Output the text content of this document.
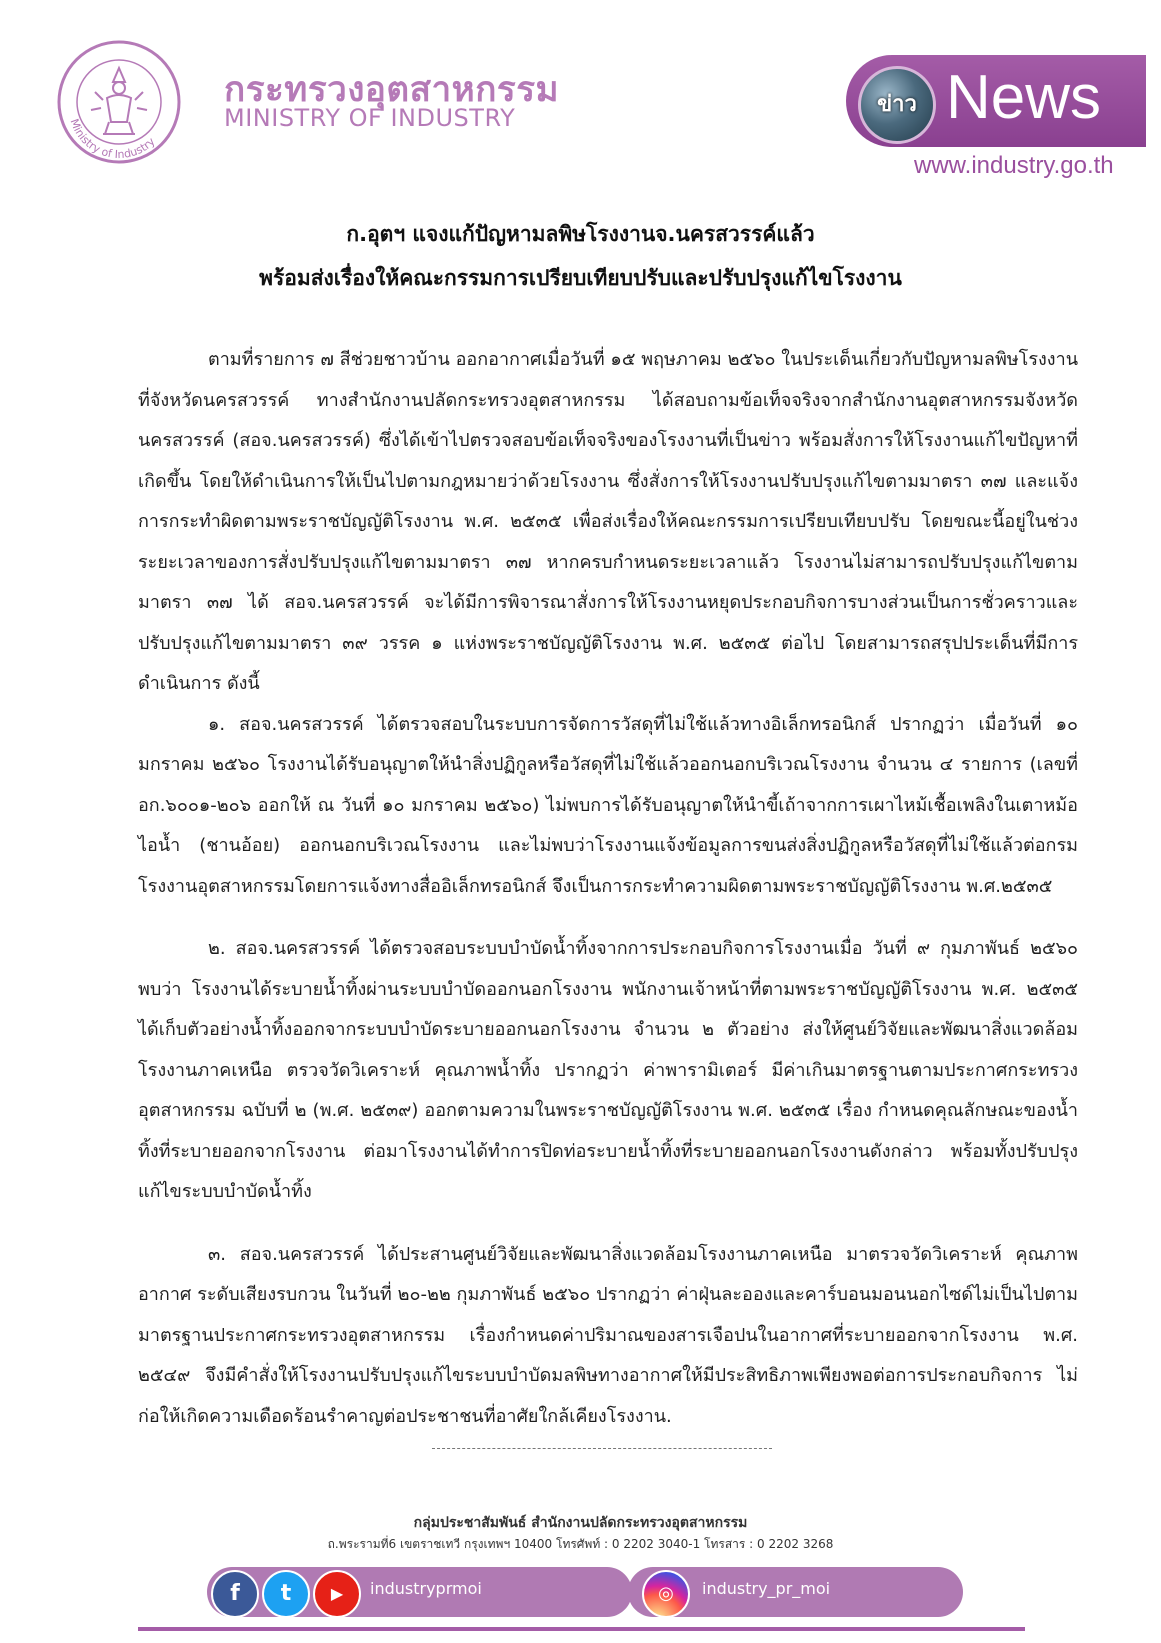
Ministry of Industry
กระทรวงอุตสาหกรรม
MINISTRY OF INDUSTRY	ข่าว News
www.industry.go.th
ก.อุตฯ แจงแก้ปัญหามลพิษโรงงานจ.นครสวรรค์แล้ว
พร้อมส่งเรื่องให้คณะกรรมการเปรียบเทียบปรับและปรับปรุงแก้ไขโรงงาน

ตามที่รายการ ๗ สีช่วยชาวบ้าน ออกอากาศเมื่อวันที่ ๑๕ พฤษภาคม ๒๕๖๐ ในประเด็นเกี่ยวกับปัญหามลพิษโรงงานที่จังหวัดนครสวรรค์ ทางสำนักงานปลัดกระทรวงอุตสาหกรรม ได้สอบถามข้อเท็จจริงจากสำนักงานอุตสาหกรรมจังหวัดนครสวรรค์ (สอจ.นครสวรรค์) ซึ่งได้เข้าไปตรวจสอบข้อเท็จจริงของโรงงานที่เป็นข่าว พร้อมสั่งการให้โรงงานแก้ไขปัญหาที่เกิดขึ้น โดยให้ดำเนินการให้เป็นไปตามกฎหมายว่าด้วยโรงงาน ซึ่งสั่งการให้โรงงานปรับปรุงแก้ไขตามมาตรา ๓๗ และแจ้งการกระทำผิดตามพระราชบัญญัติโรงงาน พ.ศ. ๒๕๓๕ เพื่อส่งเรื่องให้คณะกรรมการเปรียบเทียบปรับ โดยขณะนี้อยู่ในช่วงระยะเวลาของการสั่งปรับปรุงแก้ไขตามมาตรา ๓๗ หากครบกำหนดระยะเวลาแล้ว โรงงานไม่สามารถปรับปรุงแก้ไขตามมาตรา ๓๗ ได้ สอจ.นครสวรรค์ จะได้มีการพิจารณาสั่งการให้โรงงานหยุดประกอบกิจการบางส่วนเป็นการชั่วคราวและปรับปรุงแก้ไขตามมาตรา ๓๙ วรรค ๑ แห่งพระราชบัญญัติโรงงาน พ.ศ. ๒๕๓๕ ต่อไป โดยสามารถสรุปประเด็นที่มีการดำเนินการ ดังนี้

๑. สอจ.นครสวรรค์ ได้ตรวจสอบในระบบการจัดการวัสดุที่ไม่ใช้แล้วทางอิเล็กทรอนิกส์ ปรากฏว่า เมื่อวันที่ ๑๐ มกราคม ๒๕๖๐ โรงงานได้รับอนุญาตให้นำสิ่งปฏิกูลหรือวัสดุที่ไม่ใช้แล้วออกนอกบริเวณโรงงาน จำนวน ๔ รายการ (เลขที่ อก.๖๐๐๑-๒๐๖ ออกให้ ณ วันที่ ๑๐ มกราคม ๒๕๖๐) ไม่พบการได้รับอนุญาตให้นำขี้เถ้าจากการเผาไหม้เชื้อเพลิงในเตาหม้อไอน้ำ (ชานอ้อย) ออกนอกบริเวณโรงงาน และไม่พบว่าโรงงานแจ้งข้อมูลการขนส่งสิ่งปฏิกูลหรือวัสดุที่ไม่ใช้แล้วต่อกรมโรงงานอุตสาหกรรมโดยการแจ้งทางสื่ออิเล็กทรอนิกส์ จึงเป็นการกระทำความผิดตามพระราชบัญญัติโรงงาน พ.ศ.๒๕๓๕

๒. สอจ.นครสวรรค์ ได้ตรวจสอบระบบบำบัดน้ำทิ้งจากการประกอบกิจการโรงงานเมื่อ วันที่ ๙ กุมภาพันธ์ ๒๕๖๐ พบว่า โรงงานได้ระบายน้ำทิ้งผ่านระบบบำบัดออกนอกโรงงาน พนักงานเจ้าหน้าที่ตามพระราชบัญญัติโรงงาน พ.ศ. ๒๕๓๕ ได้เก็บตัวอย่างน้ำทิ้งออกจากระบบบำบัดระบายออกนอกโรงงาน จำนวน ๒ ตัวอย่าง ส่งให้ศูนย์วิจัยและพัฒนาสิ่งแวดล้อมโรงงานภาคเหนือ ตรวจวัดวิเคราะห์ คุณภาพน้ำทิ้ง ปรากฏว่า ค่าพารามิเตอร์ มีค่าเกินมาตรฐานตามประกาศกระทรวงอุตสาหกรรม ฉบับที่ ๒ (พ.ศ. ๒๕๓๙) ออกตามความในพระราชบัญญัติโรงงาน พ.ศ. ๒๕๓๕ เรื่อง กำหนดคุณลักษณะของน้ำทิ้งที่ระบายออกจากโรงงาน ต่อมาโรงงานได้ทำการปิดท่อระบายน้ำทิ้งที่ระบายออกนอกโรงงานดังกล่าว พร้อมทั้งปรับปรุงแก้ไขระบบบำบัดน้ำทิ้ง

๓. สอจ.นครสวรรค์ ได้ประสานศูนย์วิจัยและพัฒนาสิ่งแวดล้อมโรงงานภาคเหนือ มาตรวจวัดวิเคราะห์ คุณภาพอากาศ ระดับเสียงรบกวน ในวันที่ ๒๐-๒๒ กุมภาพันธ์ ๒๕๖๐ ปรากฏว่า ค่าฝุ่นละอองและคาร์บอนมอนนอกไซด์ไม่เป็นไปตามมาตรฐานประกาศกระทรวงอุตสาหกรรม เรื่องกำหนดค่าปริมาณของสารเจือปนในอากาศที่ระบายออกจากโรงงาน พ.ศ. ๒๕๔๙ จึงมีคำสั่งให้โรงงานปรับปรุงแก้ไขระบบบำบัดมลพิษทางอากาศให้มีประสิทธิภาพเพียงพอต่อการประกอบกิจการ ไม่ก่อให้เกิดความเดือดร้อนรำคาญต่อประชาชนที่อาศัยใกล้เคียงโรงงาน.

กลุ่มประชาสัมพันธ์ สำนักงานปลัดกระทรวงอุตสาหกรรม
ถ.พระรามที่6 เขตราชเทวี กรุงเทพฯ 10400 โทรศัพท์ : 0 2202 3040-1 โทรสาร : 0 2202 3268
f	t	▶	industryprmoi	◎	industry_pr_moi
